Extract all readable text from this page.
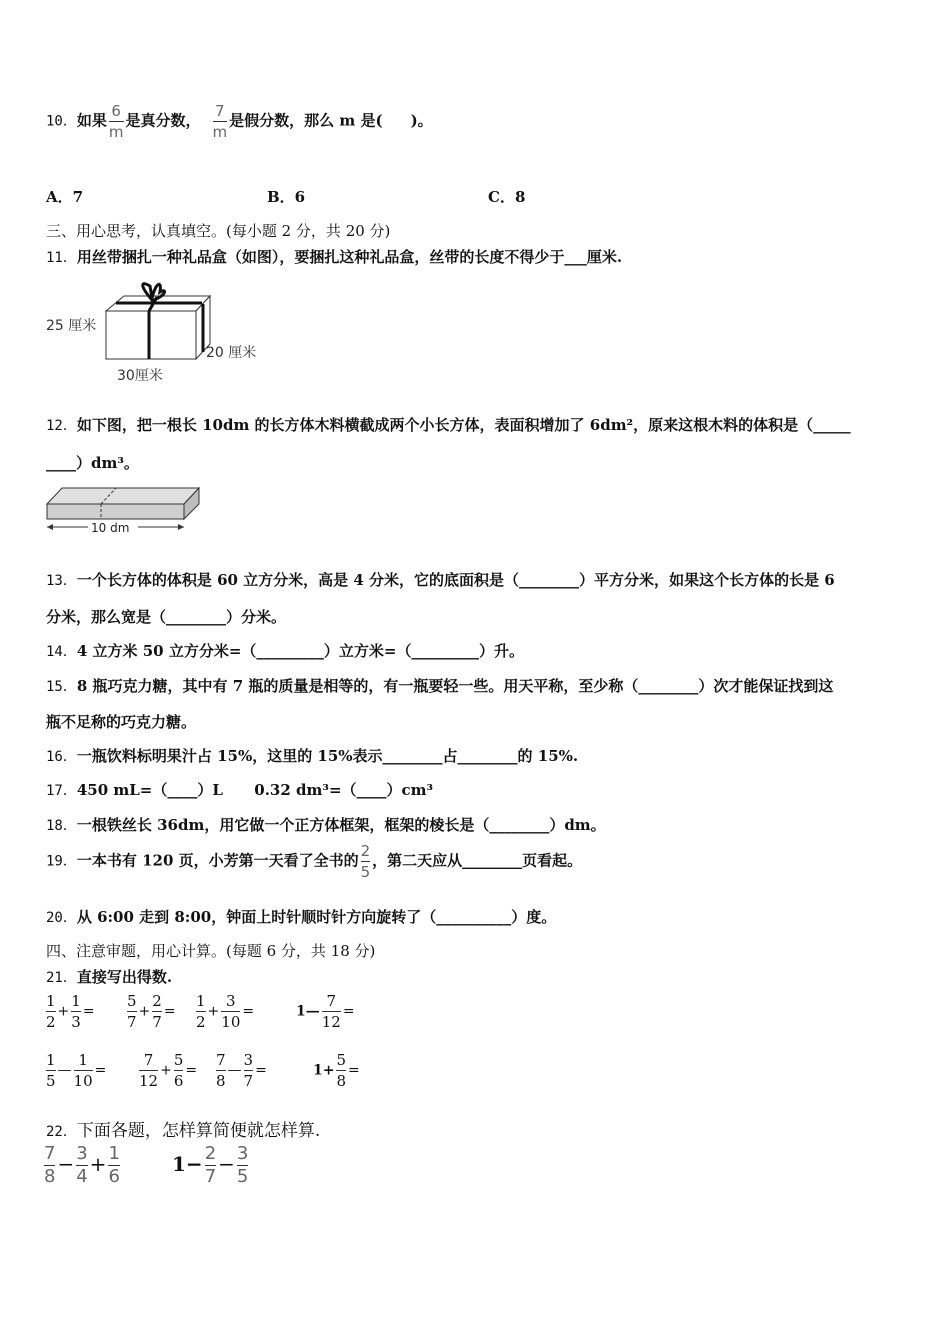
10．如果 $\frac{6}{m}$ 是真分数， $\frac{7}{m}$ 是假分数，那么 m 是( )。
A．7	B．6	C．8
三、用心思考，认真填空。(每小题 2 分，共 20 分)
11．用丝带捆扎一种礼品盒（如图），要捆扎这种礼品盒，丝带的长度不得少于___厘米.
25 厘米
20 厘米
30厘米
12．如下图，把一根长 10dm 的长方体木料横截成两个小长方体，表面积增加了 6dm²，原来这根木料的体积是（_____
____）dm³。
10 dm
13．一个长方体的体积是 60 立方分米，高是 4 分米，它的底面积是（________）平方分米，如果这个长方体的长是 6
分米，那么宽是（________）分米。
14．4 立方米 50 立方分米=（_________）立方米=（_________）升。
15．8 瓶巧克力糖，其中有 7 瓶的质量是相等的，有一瓶要轻一些。用天平称，至少称（________）次才能保证找到这
瓶不足称的巧克力糖。
16．一瓶饮料标明果汁占 15%，这里的 15%表示________占________的 15%.
17．450 mL=（____）L      0.32 dm³=（____）cm³
18．一根铁丝长 36dm，用它做一个正方体框架，框架的棱长是（________）dm。
19．一本书有 120 页，小芳第一天看了全书的 $\frac{2}{5}$ ，第二天应从________页看起。
20．从 6:00 走到 8:00，钟面上时针顺时针方向旋转了（__________）度。
四、注意审题，用心计算。(每题 6 分，共 18 分)
21．直接写出得数.
$\frac{1}{2} + \frac{1}{3} = \frac{5}{7} + \frac{2}{7} = \frac{1}{2} + \frac{3}{10}$ =	1— $\frac{7}{12}$ =
$\frac{1}{5}$ — $\frac{1}{10} = \frac{7}{12} + \frac{5}{6} = \frac{7}{8}$ — $\frac{3}{7}$ =	$1+ \frac{5}{8}$ =
22．下面各题，怎样算简便就怎样算.
$\frac{7}{8} - \frac{3}{4} + \frac{1}{6}$	$1- \frac{2}{7} - \frac{3}{5}$
